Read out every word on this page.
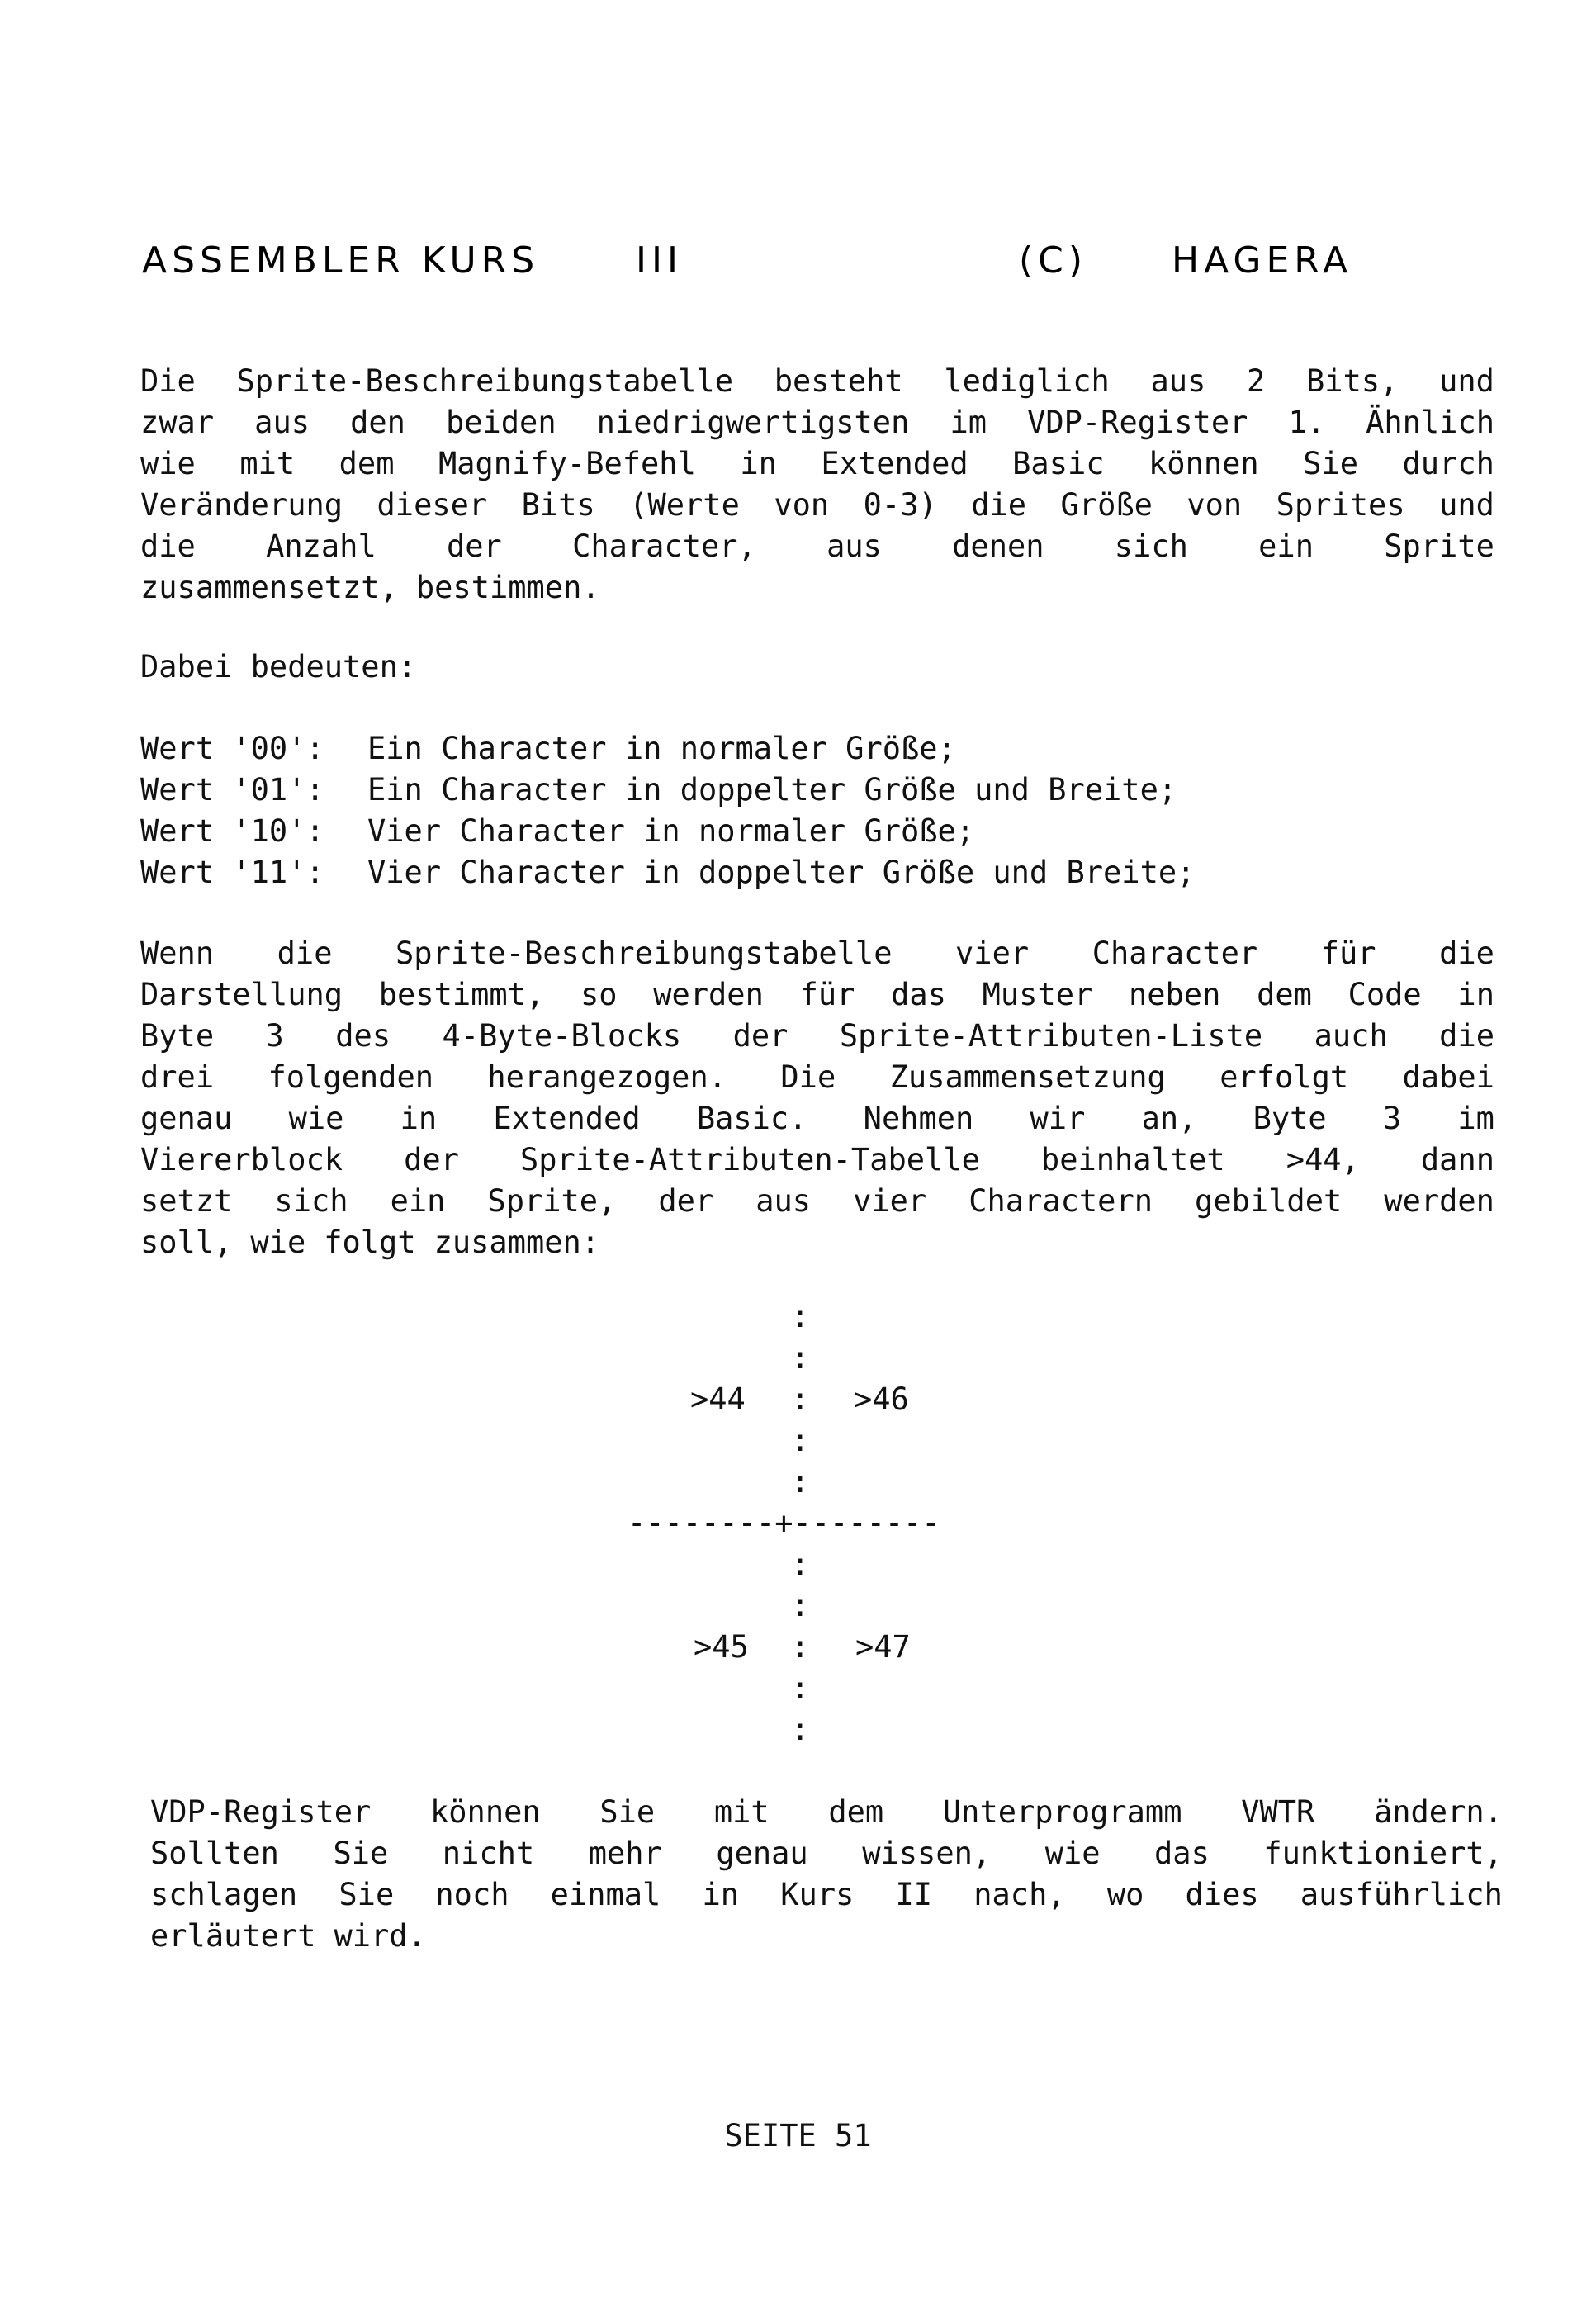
ASSEMBLER KURS	III	(C) HAGERA
Die Sprite-Beschreibungstabelle besteht lediglich aus 2 Bits, und
zwar aus den beiden niedrigwertigsten im VDP-Register 1. Ähnlich
wie mit dem Magnify-Befehl in Extended Basic können Sie durch
Veränderung dieser Bits (Werte von 0-3) die Größe von Sprites und
die Anzahl der Character, aus denen sich ein Sprite
zusammensetzt, bestimmen.
Dabei bedeuten:
Wert '00':	Ein Character in normaler Größe;
Wert '01':	Ein Character in doppelter Größe und Breite;
Wert '10':	Vier Character in normaler Größe;
Wert '11':	Vier Character in doppelter Größe und Breite;
Wenn die Sprite-Beschreibungstabelle vier Character für die
Darstellung bestimmt, so werden für das Muster neben dem Code in
Byte 3 des 4-Byte-Blocks der Sprite-Attributen-Liste auch die
drei folgenden herangezogen. Die Zusammensetzung erfolgt dabei
genau wie in Extended Basic. Nehmen wir an, Byte 3 im
Viererblock der Sprite-Attributen-Tabelle beinhaltet >44, dann
setzt sich ein Sprite, der aus vier Charactern gebildet werden
soll, wie folgt zusammen:
:
:
>44 : >46
:
:
--------+--------
:
:
>45 : >47
:
:
VDP-Register können Sie mit dem Unterprogramm VWTR ändern.
Sollten Sie nicht mehr genau wissen, wie das funktioniert,
schlagen Sie noch einmal in Kurs II nach, wo dies ausführlich
erläutert wird.
SEITE 51
